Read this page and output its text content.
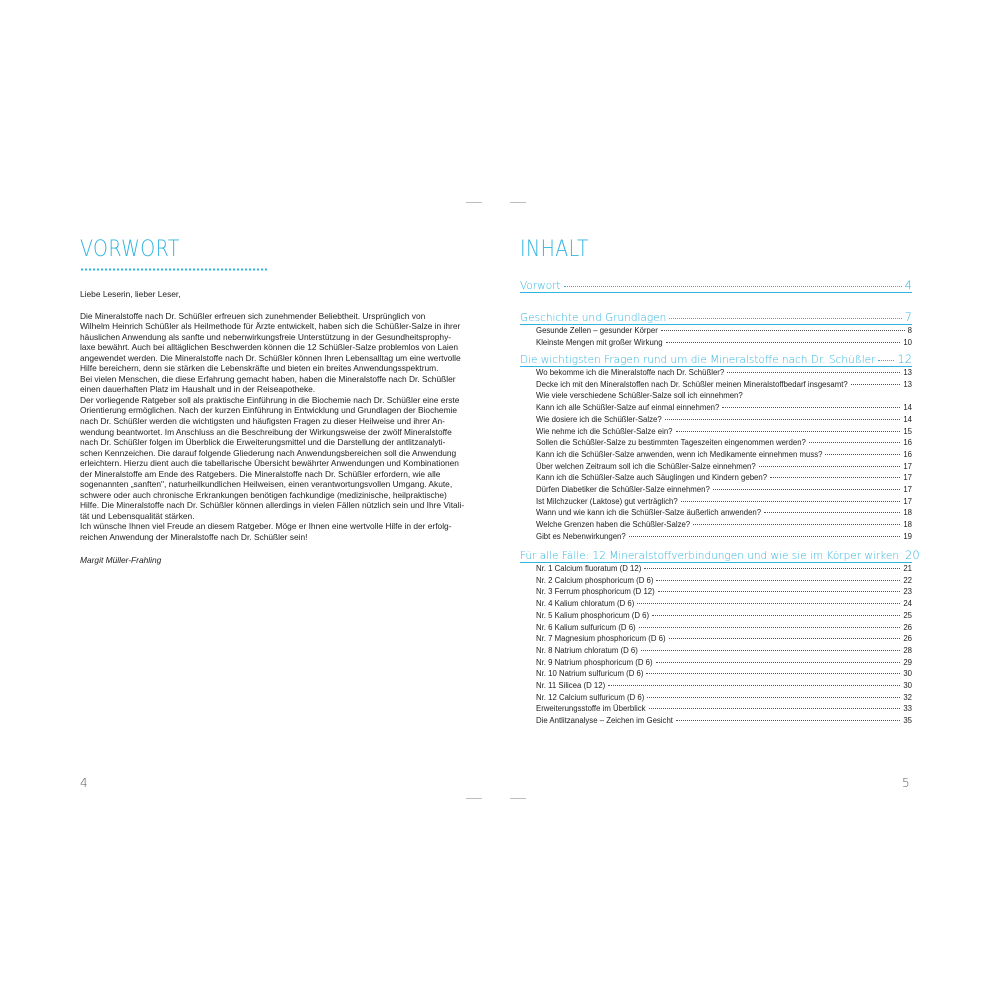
VORWORT
Liebe Leserin, lieber Leser,
Die Mineralstoffe nach Dr. Schüßler erfreuen sich zunehmender Beliebtheit. Ursprünglich von
Wilhelm Heinrich Schüßler als Heilmethode für Ärzte entwickelt, haben sich die Schüßler-Salze in ihrer
häuslichen Anwendung als sanfte und nebenwirkungsfreie Unterstützung in der Gesundheitsprophy-
laxe bewährt. Auch bei alltäglichen Beschwerden können die 12 Schüßler-Salze problemlos von Laien
angewendet werden. Die Mineralstoffe nach Dr. Schüßler können Ihren Lebensalltag um eine wertvolle
Hilfe bereichern, denn sie stärken die Lebenskräfte und bieten ein breites Anwendungsspektrum.
Bei vielen Menschen, die diese Erfahrung gemacht haben, haben die Mineralstoffe nach Dr. Schüßler
einen dauerhaften Platz im Haushalt und in der Reiseapotheke.
Der vorliegende Ratgeber soll als praktische Einführung in die Biochemie nach Dr. Schüßler eine erste
Orientierung ermöglichen. Nach der kurzen Einführung in Entwicklung und Grundlagen der Biochemie
nach Dr. Schüßler werden die wichtigsten und häufigsten Fragen zu dieser Heilweise und ihrer An-
wendung beantwortet. Im Anschluss an die Beschreibung der Wirkungsweise der zwölf Mineralstoffe
nach Dr. Schüßler folgen im Überblick die Erweiterungsmittel und die Darstellung der antlitzanalyti-
schen Kennzeichen. Die darauf folgende Gliederung nach Anwendungsbereichen soll die Anwendung
erleichtern. Hierzu dient auch die tabellarische Übersicht bewährter Anwendungen und Kombinationen
der Mineralstoffe am Ende des Ratgebers. Die Mineralstoffe nach Dr. Schüßler erfordern, wie alle
sogenannten „sanften", naturheilkundlichen Heilweisen, einen verantwortungsvollen Umgang. Akute,
schwere oder auch chronische Erkrankungen benötigen fachkundige (medizinische, heilpraktische)
Hilfe. Die Mineralstoffe nach Dr. Schüßler können allerdings in vielen Fällen nützlich sein und Ihre Vitali-
tät und Lebensqualität stärken.
Ich wünsche Ihnen viel Freude an diesem Ratgeber. Möge er Ihnen eine wertvolle Hilfe in der erfolg-
reichen Anwendung der Mineralstoffe nach Dr. Schüßler sein!
Margit Müller-Frahling
4
INHALT
Vorwort	4
Geschichte und Grundlagen	7
Gesunde Zellen – gesunder Körper	8
Kleinste Mengen mit großer Wirkung	10
Die wichtigsten Fragen rund um die Mineralstoffe nach Dr. Schüßler 12
Wo bekomme ich die Mineralstoffe nach Dr. Schüßler?	13
Decke ich mit den Mineralstoffen nach Dr. Schüßler meinen Mineralstoffbedarf insgesamt?	13
Wie viele verschiedene Schüßler-Salze soll ich einnehmen?
Kann ich alle Schüßler-Salze auf einmal einnehmen?	14
Wie dosiere ich die Schüßler-Salze?	14
Wie nehme ich die Schüßler-Salze ein?	15
Sollen die Schüßler-Salze zu bestimmten Tageszeiten eingenommen werden?	16
Kann ich die Schüßler-Salze anwenden, wenn ich Medikamente einnehmen muss?	16
Über welchen Zeitraum soll ich die Schüßler-Salze einnehmen?	17
Kann ich die Schüßler-Salze auch Säuglingen und Kindern geben?	17
Dürfen Diabetiker die Schüßler-Salze einnehmen?	17
Ist Milchzucker (Laktose) gut verträglich?	17
Wann und wie kann ich die Schüßler-Salze äußerlich anwenden?	18
Welche Grenzen haben die Schüßler-Salze?	18
Gibt es Nebenwirkungen?	19
Für alle Fälle: 12 Mineralstoffverbindungen und wie sie im Körper wirken 20
Nr. 1 Calcium fluoratum (D 12)	21
Nr. 2 Calcium phosphoricum (D 6)	22
Nr. 3 Ferrum phosphoricum (D 12)	23
Nr. 4 Kalium chloratum (D 6)	24
Nr. 5 Kalium phosphoricum (D 6)	25
Nr. 6 Kalium sulfuricum (D 6)	26
Nr. 7 Magnesium phosphoricum (D 6)	26
Nr. 8 Natrium chloratum (D 6)	28
Nr. 9 Natrium phosphoricum (D 6)	29
Nr. 10 Natrium sulfuricum (D 6)	30
Nr. 11 Silicea (D 12)	30
Nr. 12 Calcium sulfuricum (D 6)	32
Erweiterungsstoffe im Überblick	33
Die Antlitzanalyse – Zeichen im Gesicht	35
5
